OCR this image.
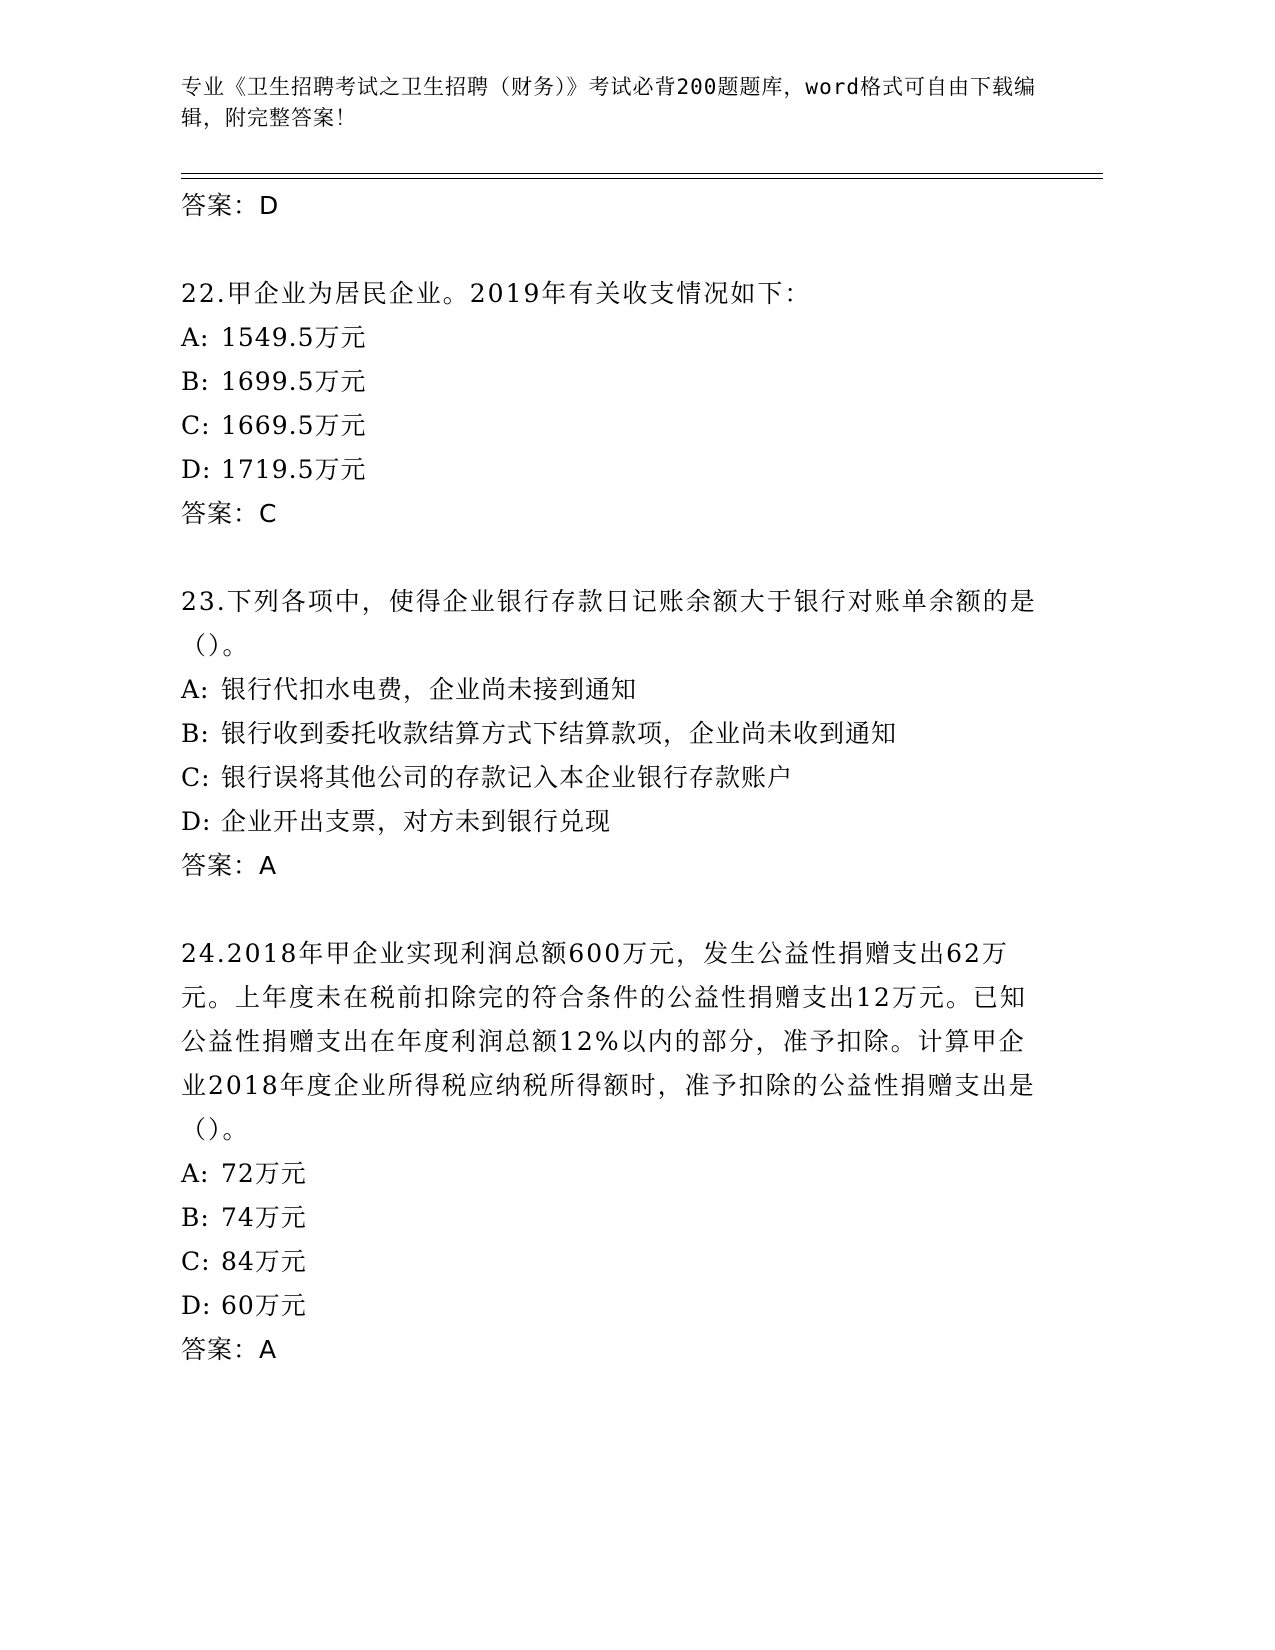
专业《卫生招聘考试之卫生招聘（财务）》考试必背200题题库，word格式可自由下载编辑，附完整答案！
答案：D
22.甲企业为居民企业。2019年有关收支情况如下：
A: 1549.5万元
B: 1699.5万元
C: 1669.5万元
D: 1719.5万元
答案：C
23.下列各项中，使得企业银行存款日记账余额大于银行对账单余额的是（）。
A: 银行代扣水电费，企业尚未接到通知
B: 银行收到委托收款结算方式下结算款项，企业尚未收到通知
C: 银行误将其他公司的存款记入本企业银行存款账户
D: 企业开出支票，对方未到银行兑现
答案：A
24.2018年甲企业实现利润总额600万元，发生公益性捐赠支出62万元。上年度未在税前扣除完的符合条件的公益性捐赠支出12万元。已知公益性捐赠支出在年度利润总额12%以内的部分，准予扣除。计算甲企业2018年度企业所得税应纳税所得额时，准予扣除的公益性捐赠支出是（）。
A: 72万元
B: 74万元
C: 84万元
D: 60万元
答案：A
